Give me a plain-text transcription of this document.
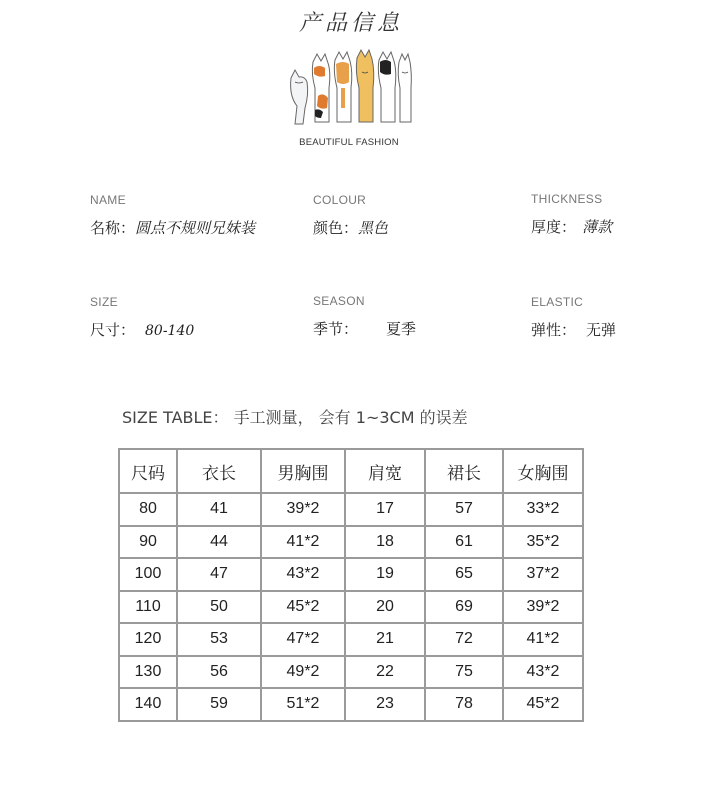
产品信息
BEAUTIFUL FASHION
NAME
名称：圆点不规则兄妹装
COLOUR
颜色：黑色
THICKNESS
厚度： 薄款
SIZE
尺寸： 80-140
SEASON
季节： 夏季
ELASTIC
弹性： 无弹
SIZE TABLE： 手工测量， 会有 1~3CM 的误差
尺码	衣长	男胸围	肩宽	裙长	女胸围
80	41	39*2	17	57	33*2
90	44	41*2	18	61	35*2
100	47	43*2	19	65	37*2
110	50	45*2	20	69	39*2
120	53	47*2	21	72	41*2
130	56	49*2	22	75	43*2
140	59	51*2	23	78	45*2
